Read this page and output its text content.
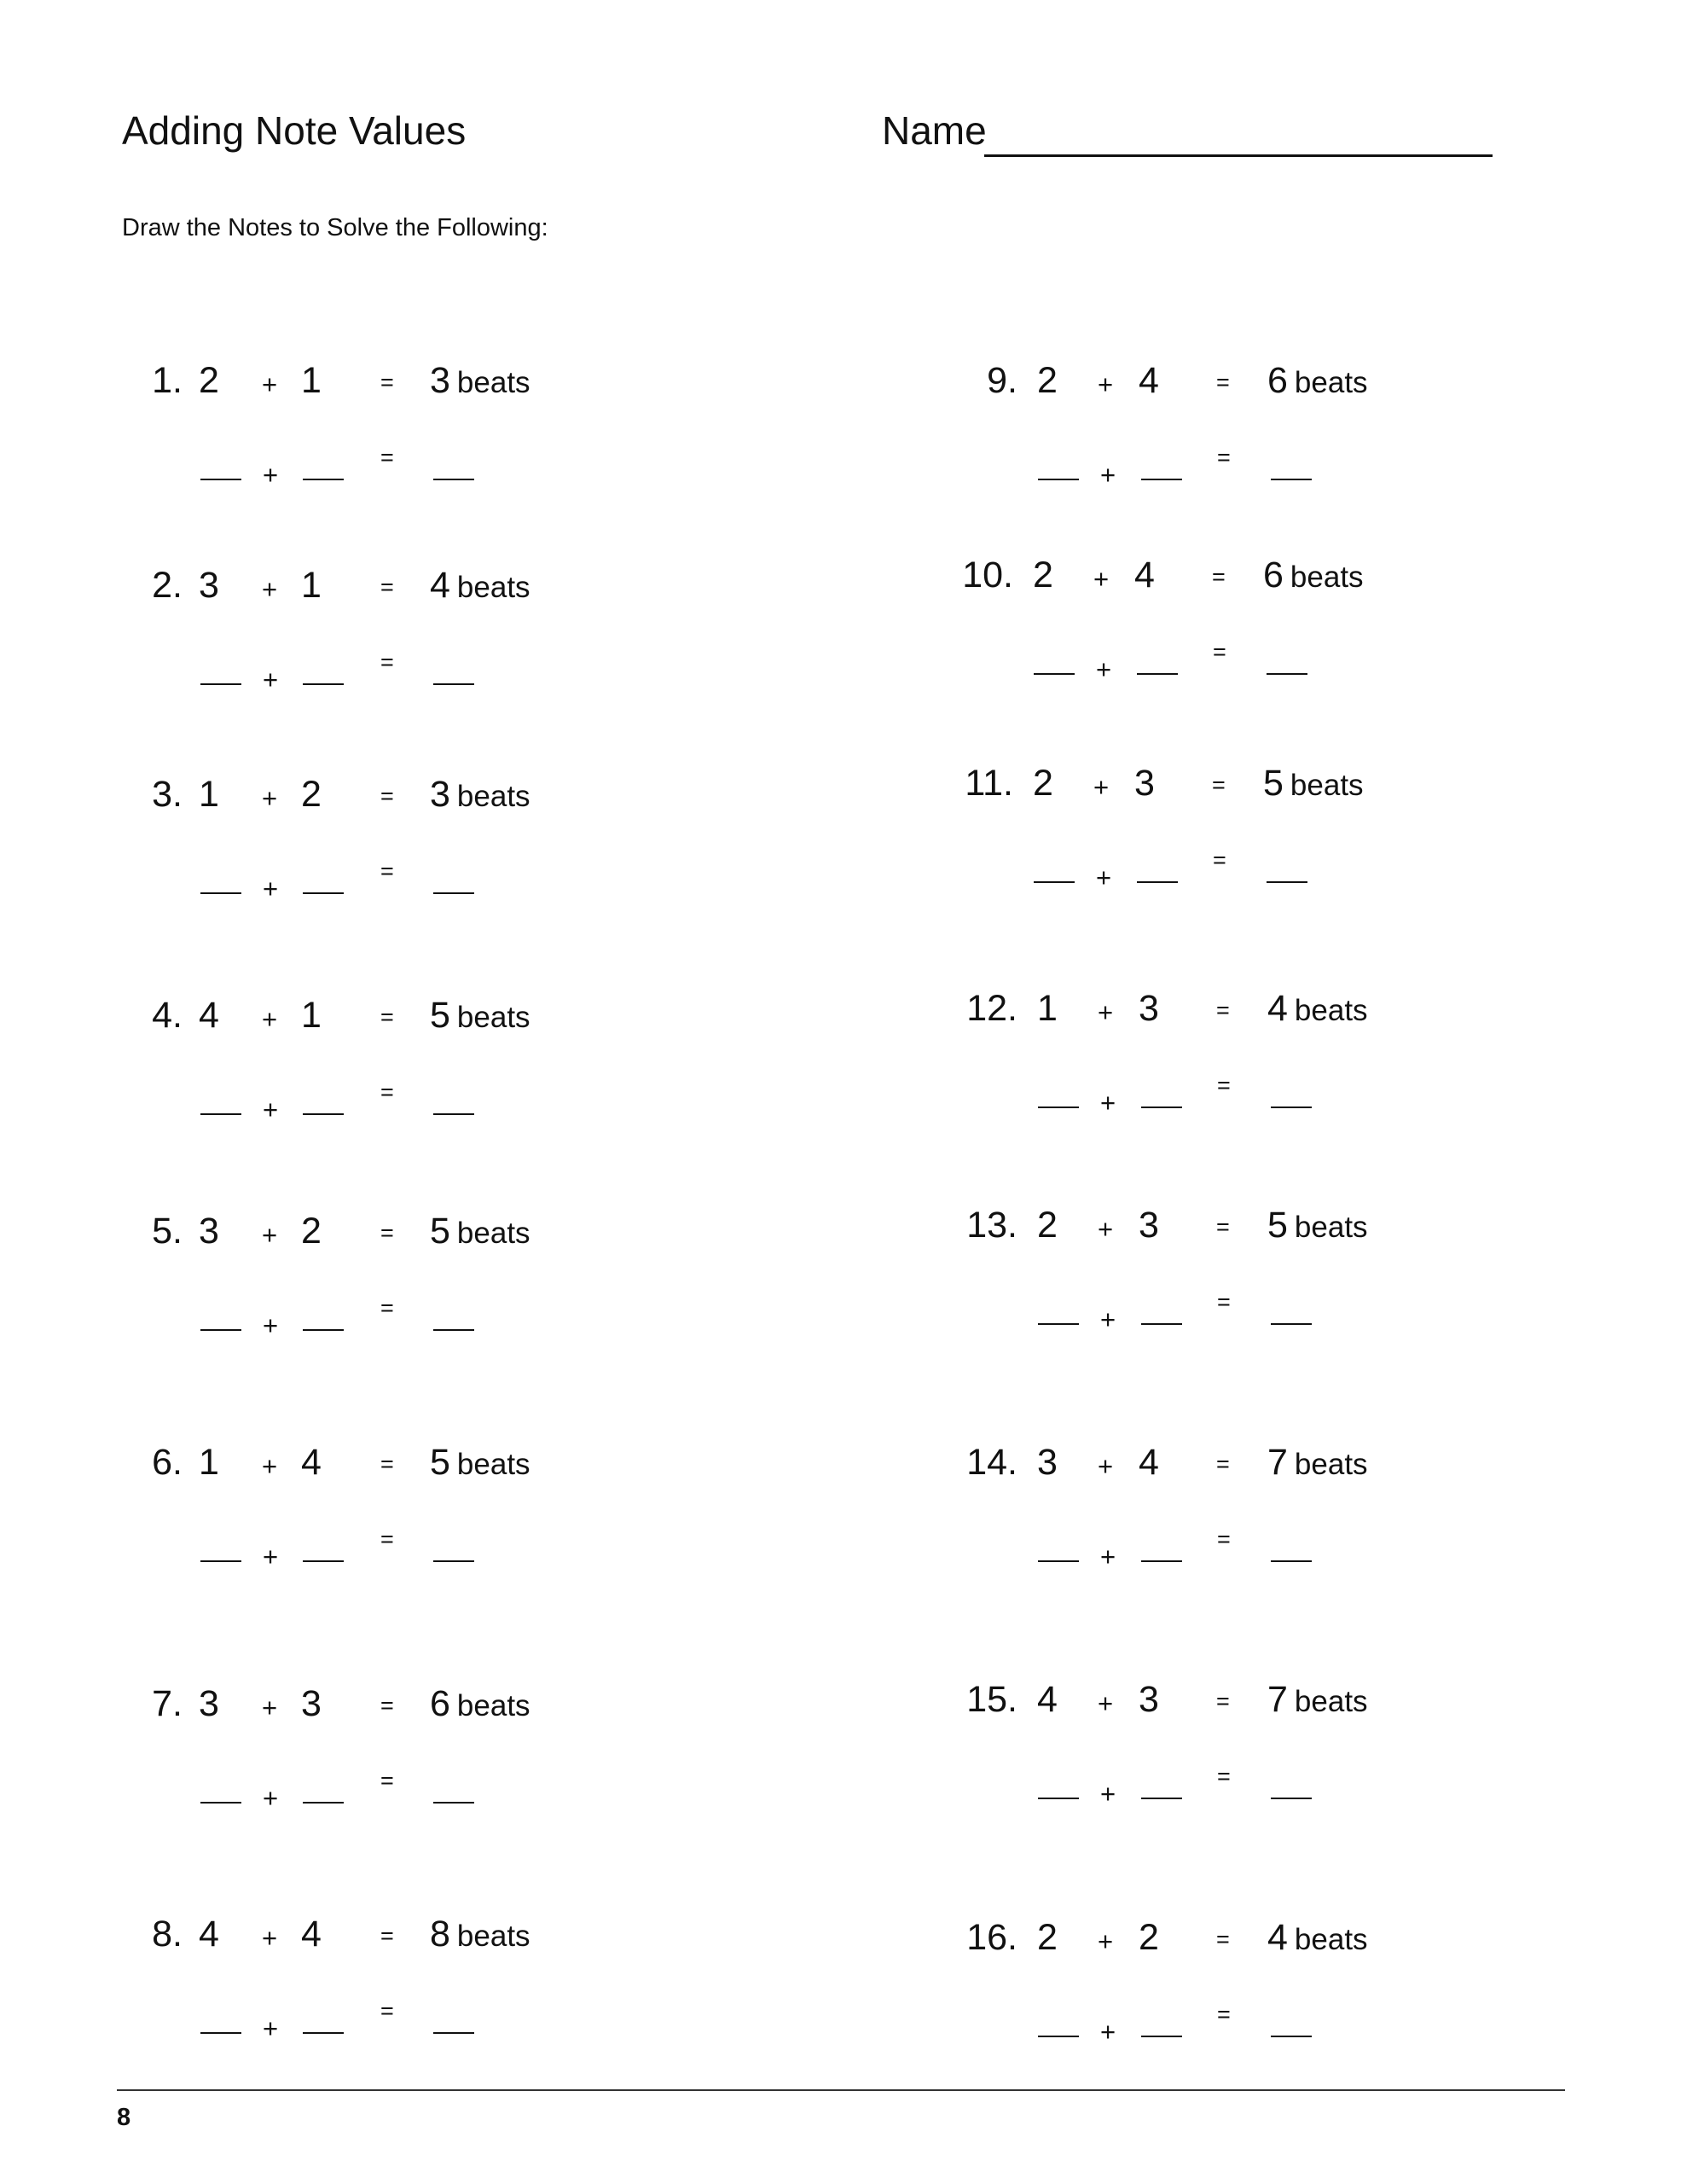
Adding Note Values	Name
Draw the Notes to Solve the Following:
1. 2 + 1	= 3 beats
+
=
2. 3 + 1	= 4 beats
+
=
3. 1 + 2	= 3 beats
+
=
4. 4 + 1	= 5 beats
+
=
5. 3 + 2	= 5 beats
+
=
6. 1 + 4	= 5 beats
+
=
7. 3 + 3	= 6 beats
+
=
8. 4 + 4	= 8 beats
+
=
9. 2 + 4 = 6 beats
+
=
10. 2 + 4 = 6 beats
+
=
11. 2 + 3 = 5 beats
+
=
12. 1 + 3 = 4 beats
+
=
13. 2 + 3 = 5 beats
+
=
14. 3 + 4 = 7 beats
+
=
15. 4 + 3 = 7 beats
+
=
16. 2 + 2 = 4 beats
+
=
8
